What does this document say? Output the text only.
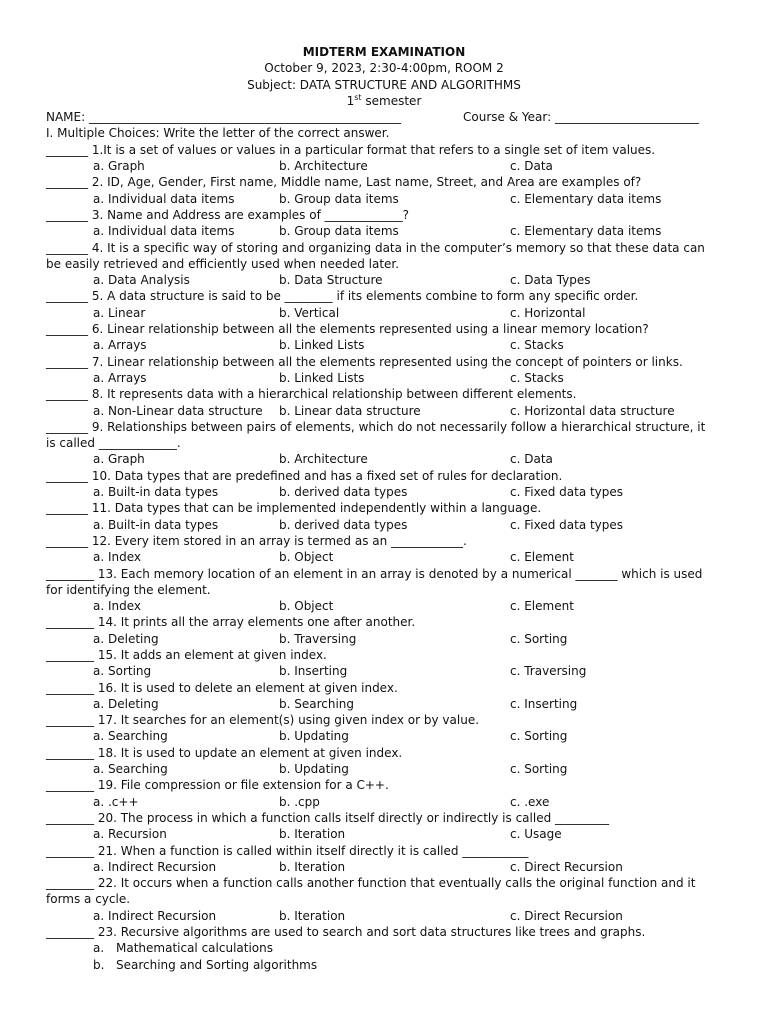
MIDTERM EXAMINATION
October 9, 2023, 2:30-4:00pm, ROOM 2
Subject: DATA STRUCTURE AND ALGORITHMS
1st semester
NAME: ____________________________________________________	Course & Year: ________________________
I. Multiple Choices: Write the letter of the correct answer.
_______ 1.It is a set of values or values in a particular format that refers to a single set of item values.
a. Graph	b. Architecture	c. Data
_______ 2. ID, Age, Gender, First name, Middle name, Last name, Street, and Area are examples of?
a. Individual data items	b. Group data items	c. Elementary data items
_______ 3. Name and Address are examples of _____________?
a. Individual data items	b. Group data items	c. Elementary data items
_______ 4. It is a specific way of storing and organizing data in the computer’s memory so that these data can be easily retrieved and efficiently used when needed later.
a. Data Analysis	b. Data Structure	c. Data Types
_______ 5. A data structure is said to be ________ if its elements combine to form any specific order.
a. Linear	b. Vertical	c. Horizontal
_______ 6. Linear relationship between all the elements represented using a linear memory location?
a. Arrays	b. Linked Lists	c. Stacks
_______ 7. Linear relationship between all the elements represented using the concept of pointers or links.
a. Arrays	b. Linked Lists	c. Stacks
_______ 8. It represents data with a hierarchical relationship between different elements.
a. Non-Linear data structure b. Linear data structure	c. Horizontal data structure
_______ 9. Relationships between pairs of elements, which do not necessarily follow a hierarchical structure, it is called _____________.
a. Graph	b. Architecture	c. Data
_______ 10. Data types that are predefined and has a fixed set of rules for declaration.
a. Built-in data types	b. derived data types	c. Fixed data types
_______ 11. Data types that can be implemented independently within a language.
a. Built-in data types	b. derived data types	c. Fixed data types
_______ 12. Every item stored in an array is termed as an ____________.
a. Index	b. Object	c. Element
________ 13. Each memory location of an element in an array is denoted by a numerical _______ which is used for identifying the element.
a. Index	b. Object	c. Element
________ 14. It prints all the array elements one after another.
a. Deleting	b. Traversing	c. Sorting
________ 15. It adds an element at given index.
a. Sorting	b. Inserting	c. Traversing
________ 16. It is used to delete an element at given index.
a. Deleting	b. Searching	c. Inserting
________ 17. It searches for an element(s) using given index or by value.
a. Searching	b. Updating	c. Sorting
________ 18. It is used to update an element at given index.
a. Searching	b. Updating	c. Sorting
________ 19. File compression or file extension for a C++.
a. .c++	b. .cpp	c. .exe
________ 20. The process in which a function calls itself directly or indirectly is called _________
a. Recursion	b. Iteration	c. Usage
________ 21. When a function is called within itself directly it is called ___________
a. Indirect Recursion	b. Iteration	c. Direct Recursion
________ 22. It occurs when a function calls another function that eventually calls the original function and it forms a cycle.
a. Indirect Recursion	b. Iteration	c. Direct Recursion
________ 23. Recursive algorithms are used to search and sort data structures like trees and graphs.
a. Mathematical calculations
b. Searching and Sorting algorithms
